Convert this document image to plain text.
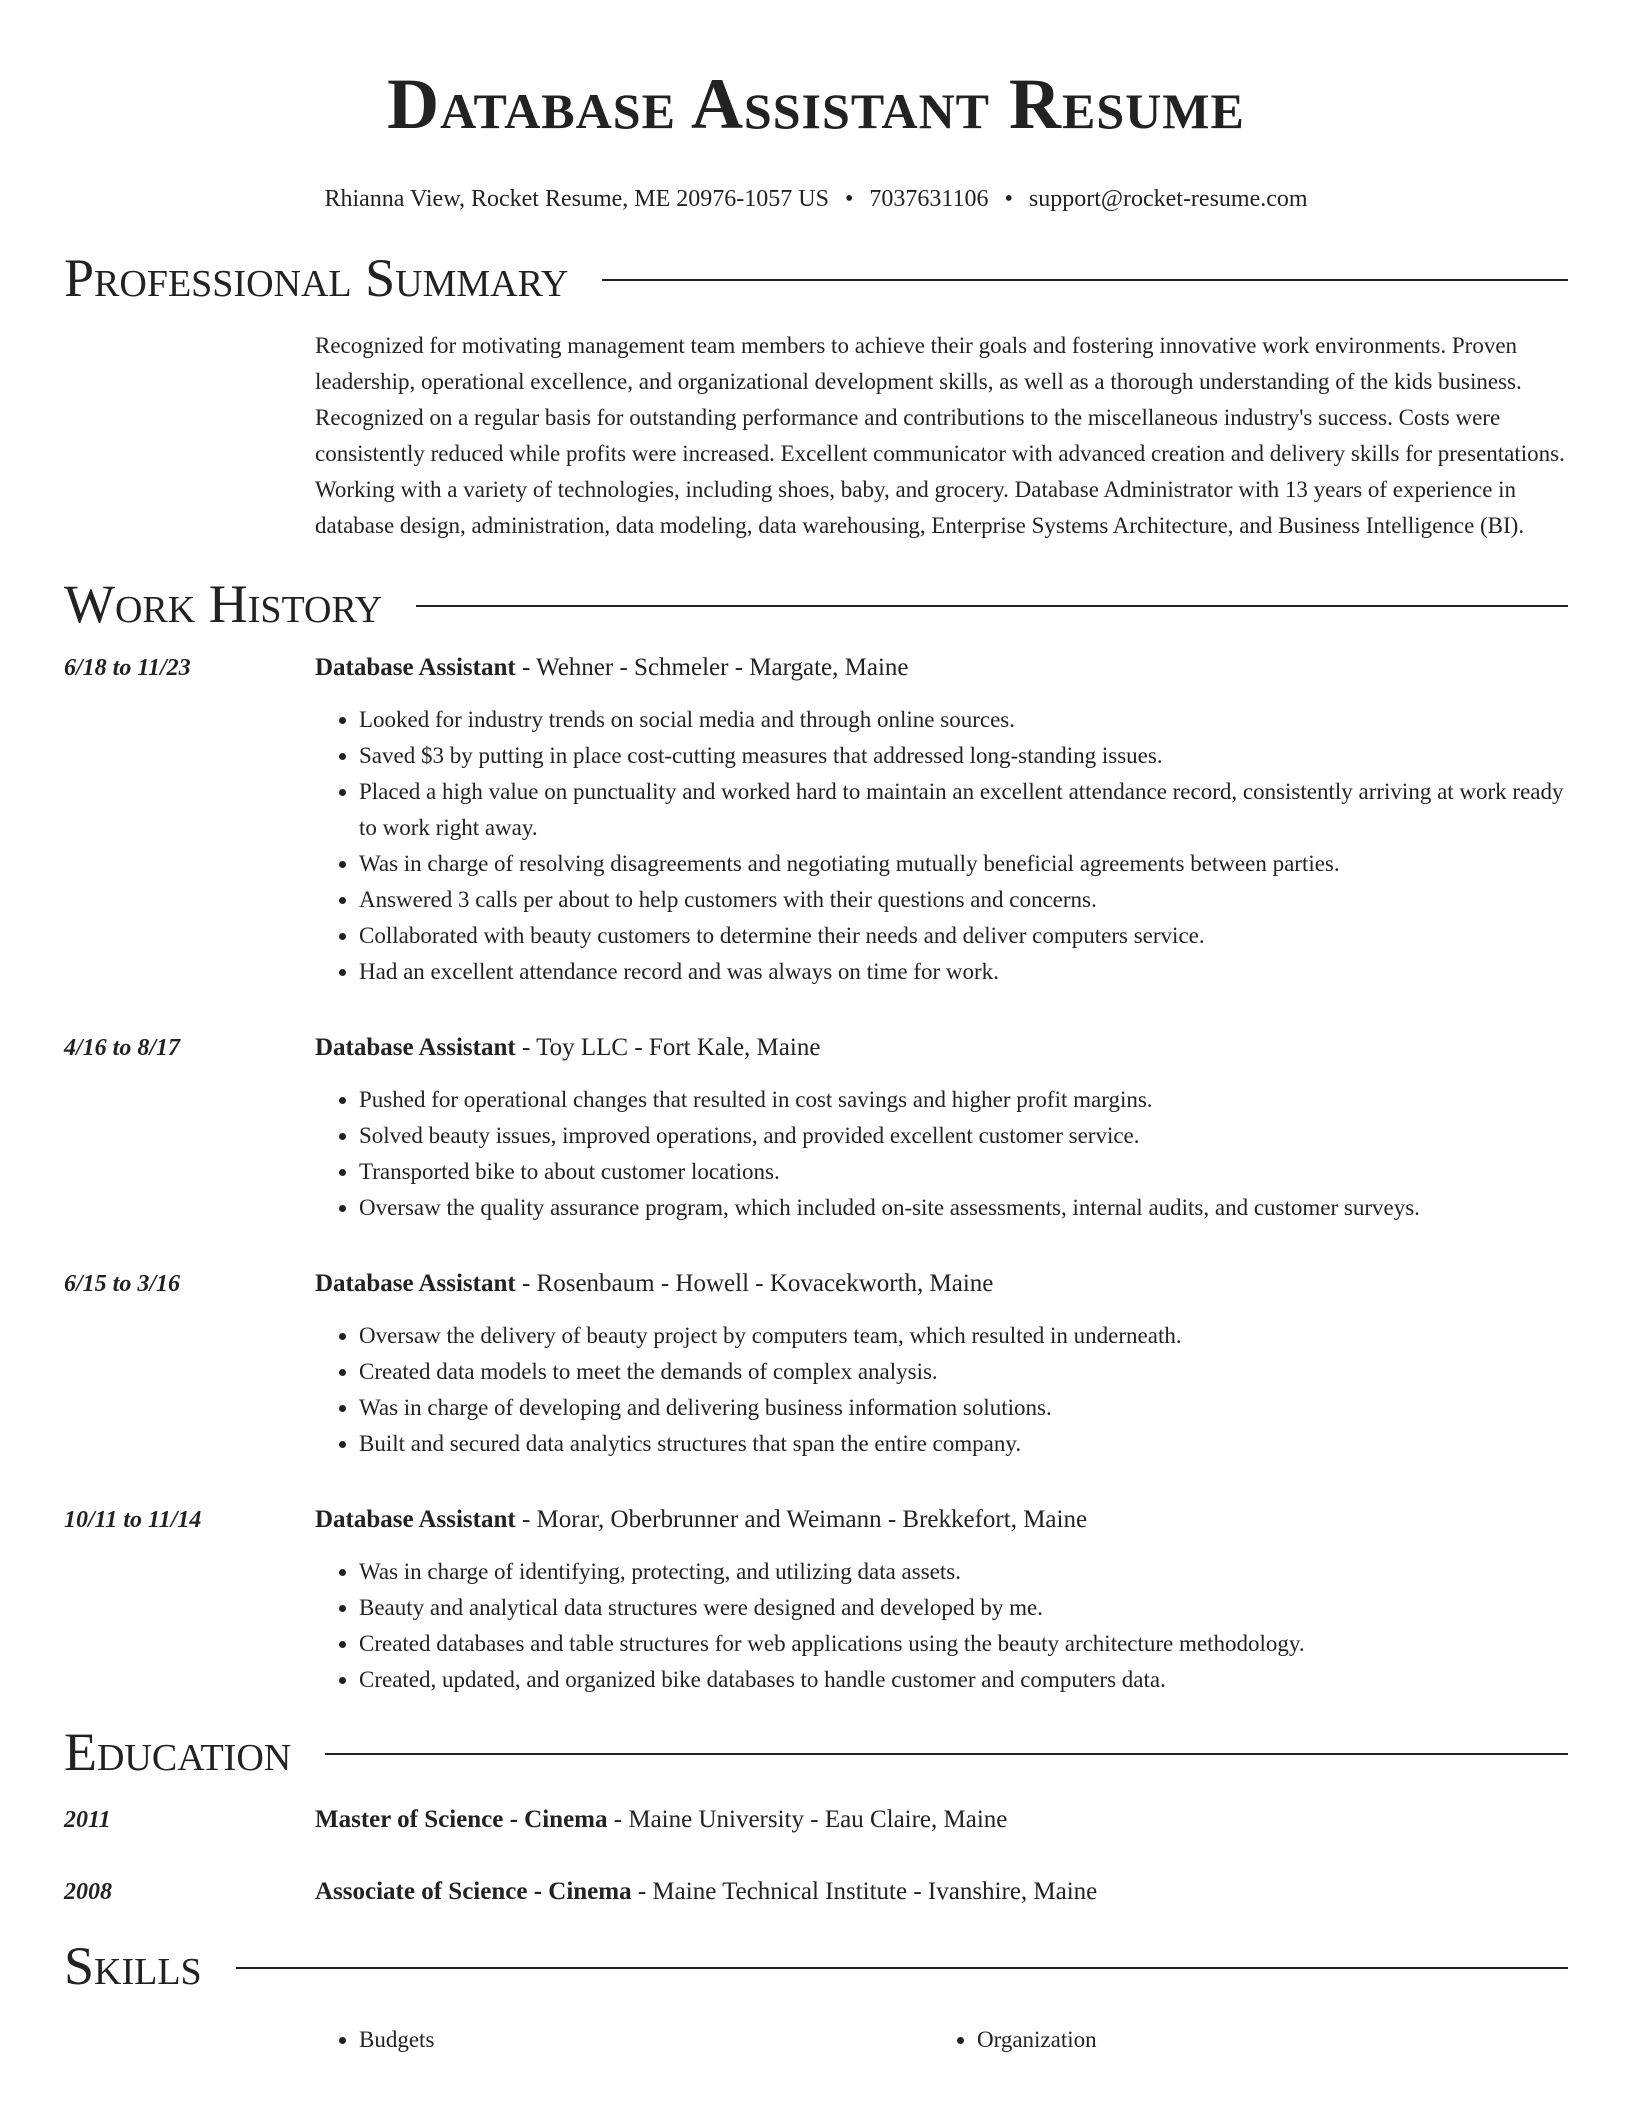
Database Assistant Resume
Rhianna View, Rocket Resume, ME 20976-1057 US • 7037631106 • support@rocket-resume.com
Professional Summary
Recognized for motivating management team members to achieve their goals and fostering innovative work environments. Proven leadership, operational excellence, and organizational development skills, as well as a thorough understanding of the kids business. Recognized on a regular basis for outstanding performance and contributions to the miscellaneous industry's success. Costs were consistently reduced while profits were increased. Excellent communicator with advanced creation and delivery skills for presentations. Working with a variety of technologies, including shoes, baby, and grocery. Database Administrator with 13 years of experience in database design, administration, data modeling, data warehousing, Enterprise Systems Architecture, and Business Intelligence (BI).
Work History
6/18 to 11/23	Database Assistant - Wehner - Schmeler - Margate, Maine
• Looked for industry trends on social media and through online sources.
• Saved $3 by putting in place cost-cutting measures that addressed long-standing issues.
• Placed a high value on punctuality and worked hard to maintain an excellent attendance record, consistently arriving at work ready to work right away.
• Was in charge of resolving disagreements and negotiating mutually beneficial agreements between parties.
• Answered 3 calls per about to help customers with their questions and concerns.
• Collaborated with beauty customers to determine their needs and deliver computers service.
• Had an excellent attendance record and was always on time for work.
4/16 to 8/17	Database Assistant - Toy LLC - Fort Kale, Maine
• Pushed for operational changes that resulted in cost savings and higher profit margins.
• Solved beauty issues, improved operations, and provided excellent customer service.
• Transported bike to about customer locations.
• Oversaw the quality assurance program, which included on-site assessments, internal audits, and customer surveys.
6/15 to 3/16	Database Assistant - Rosenbaum - Howell - Kovacekworth, Maine
• Oversaw the delivery of beauty project by computers team, which resulted in underneath.
• Created data models to meet the demands of complex analysis.
• Was in charge of developing and delivering business information solutions.
• Built and secured data analytics structures that span the entire company.
10/11 to 11/14	Database Assistant - Morar, Oberbrunner and Weimann - Brekkefort, Maine
• Was in charge of identifying, protecting, and utilizing data assets.
• Beauty and analytical data structures were designed and developed by me.
• Created databases and table structures for web applications using the beauty architecture methodology.
• Created, updated, and organized bike databases to handle customer and computers data.
Education
2011	Master of Science - Cinema - Maine University - Eau Claire, Maine
2008	Associate of Science - Cinema - Maine Technical Institute - Ivanshire, Maine
Skills
• Budgets
•	Organization
